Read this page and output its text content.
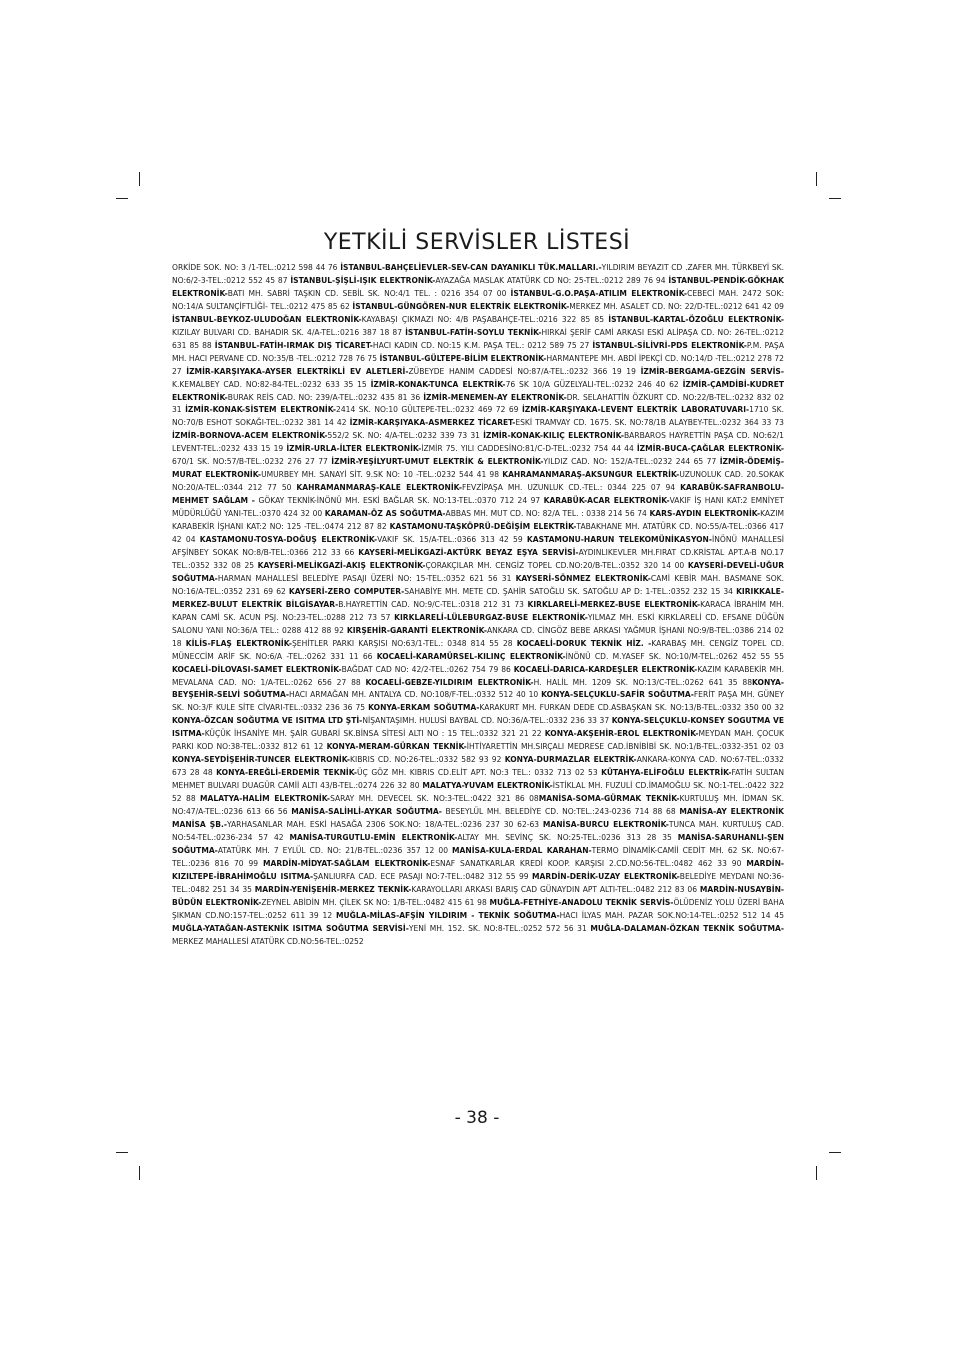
YETKİLİ SERVİSLER LİSTESİ
ORKİDE SOK. NO: 3 /1-TEL.:0212 598 44 76 İSTANBUL-BAHÇELİEVLER-SEV-CAN DAYANIKLI TÜK.MALLARI.-YILDIRIM BEYAZIT CD .ZAFER MH. TÜRKBEYİ SK. NO:6/2-3-TEL.:0212 552 45 87 İSTANBUL-ŞİŞLİ-IŞIK ELEKTRONİK-AYAZAĞA MASLAK ATATÜRK CD NO: 25-TEL.:0212 289 76 94 İSTANBUL-PENDİK-GÖKHAK ELEKTRONİK-BATI MH. SABRİ TAŞKIN CD. SEBİL SK. NO:4/1 TEL. : 0216 354 07 00 İSTANBUL-G.O.PAŞA-ATILIM ELEKTRONİK-CEBECİ MAH. 2472 SOK: NO:14/A SULTANÇİFTLİĞİ- TEL.:0212 475 85 62 İSTANBUL-GÜNGÖREN-NUR ELEKTRİK ELEKTRONİK-MERKEZ MH. ASALET CD. NO: 22/D-TEL.:0212 641 42 09 İSTANBUL-BEYKOZ-ULUDOĞAN ELEKTRONİK-KAYABAŞI ÇIKMAZI NO: 4/B PAŞABAHÇE-TEL.:0216 322 85 85 İSTANBUL-KARTAL-ÖZOĞLU ELEKTRONİK-KIZILAY BULVARI CD. BAHADIR SK. 4/A-TEL.:0216 387 18 87 İSTANBUL-FATİH-SOYLU TEKNİK-HIRKAİ ŞERİF CAMİ ARKASI ESKİ ALİPAŞA CD. NO: 26-TEL.:0212 631 85 88 İSTANBUL-FATİH-IRMAK DIŞ TİCARET-HACI KADIN CD. NO:15 K.M. PAŞA TEL.: 0212 589 75 27 İSTANBUL-SİLİVRİ-PDS ELEKTRONİK-P.M. PAŞA MH. HACI PERVANE CD. NO:35/B -TEL.:0212 728 76 75 İSTANBUL-GÜLTEPE-BİLİM ELEKTRONİK-HARMANTEPE MH. ABDİ İPEKÇİ CD. NO:14/D -TEL.:0212 278 72 27 İZMİR-KARŞIYAKA-AYSER ELEKTRİKLİ EV ALETLERİ-ZÜBEYDE HANIM CADDESİ NO:87/A-TEL.:0232 366 19 19 İZMİR-BERGAMA-GEZGİN SERVİS-K.KEMALBEY CAD. NO:82-84-TEL.:0232 633 35 15 İZMİR-KONAK-TUNCA ELEKTRİK-76 SK 10/A GÜZELYALI-TEL.:0232 246 40 62 İZMİR-ÇAMDİBİ-KUDRET ELEKTRONİK-BURAK REİS CAD. NO: 239/A-TEL.:0232 435 81 36 İZMİR-MENEMEN-AY ELEKTRONİK-DR. SELAHATTİN ÖZKURT CD. NO:22/B-TEL.:0232 832 02 31 İZMİR-KONAK-SİSTEM ELEKTRONİK-2414 SK. NO:10 GÜLTEPE-TEL.:0232 469 72 69 İZMİR-KARŞIYAKA-LEVENT ELEKTRİK LABORATUVARI-1710 SK. NO:70/B ESHOT SOKAĞI-TEL.:0232 381 14 42 İZMİR-KARŞIYAKA-ASMERKEZ TİCARET-ESKİ TRAMVAY CD. 1675. SK. NO:78/1B ALAYBEY-TEL.:0232 364 33 73 İZMİR-BORNOVA-ACEM ELEKTRONİK-552/2 SK. NO: 4/A-TEL.:0232 339 73 31 İZMİR-KONAK-KILIÇ ELEKTRONİK-BARBAROS HAYRETTİN PAŞA CD. NO:62/1 LEVENT-TEL.:0232 433 15 19 İZMİR-URLA-İLTER ELEKTRONİK-İZMİR 75. YILI CADDESİNO:81/C-D-TEL.:0232 754 44 44 İZMİR-BUCA-ÇAĞLAR ELEKTRONİK-670/1 SK. NO:57/B-TEL.:0232 276 27 77 İZMİR-YEŞİLYURT-UMUT ELEKTRİK & ELEKTRONİK-YILDIZ CAD. NO: 152/A-TEL.:0232 244 65 77 İZMİR-ÖDEMİŞ-MURAT ELEKTRONİK-UMURBEY MH. SANAYİ SİT. 9.SK NO: 10 -TEL.:0232 544 41 98 KAHRAMANMARAŞ-AKSUNGUR ELEKTRİK-UZUNOLUK CAD. 20.SOKAK NO:20/A-TEL.:0344 212 77 50 KAHRAMANMARAŞ-KALE ELEKTRONİK-FEVZİPAŞA MH. UZUNLUK CD.-TEL.: 0344 225 07 94 KARABÜK-SAFRANBOLU-MEHMET SAĞLAM - GÖKAY TEKNİK-İNÖNÜ MH. ESKİ BAĞLAR SK. NO:13-TEL.:0370 712 24 97 KARABÜK-ACAR ELEKTRONİK-VAKIF İŞ HANI KAT:2 EMNİYET MÜDÜRLÜĞÜ YANI-TEL.:0370 424 32 00 KARAMAN-ÖZ AS SOĞUTMA-ABBAS MH. MUT CD. NO: 82/A TEL. : 0338 214 56 74 KARS-AYDIN ELEKTRONİK-KAZIM KARABEKİR İŞHANI KAT:2 NO: 125 -TEL.:0474 212 87 82 KASTAMONU-TAŞKÖPRÜ-DEĞİŞİM ELEKTRİK-TABAKHANE MH. ATATÜRK CD. NO:55/A-TEL.:0366 417 42 04 KASTAMONU-TOSYA-DOĞUŞ ELEKTRONİK-VAKIF SK. 15/A-TEL.:0366 313 42 59 KASTAMONU-HARUN TELEKOMÜNİKASYON-İNÖNÜ MAHALLESİ AFŞİNBEY SOKAK NO:8/B-TEL.:0366 212 33 66 KAYSERİ-MELİKGAZİ-AKTÜRK BEYAZ EŞYA SERVİSİ-AYDINLIKEVLER MH.FIRAT CD.KRİSTAL APT.A-B NO.17 TEL.:0352 332 08 25 KAYSERİ-MELİKGAZİ-AKIŞ ELEKTRONİK-ÇORAKÇILAR MH. CENGİZ TOPEL CD.NO:20/B-TEL.:0352 320 14 00 KAYSERİ-DEVELİ-UĞUR SOĞUTMA-HARMAN MAHALLESİ BELEDİYE PASAJI ÜZERİ NO: 15-TEL.:0352 621 56 31 KAYSERİ-SÖNMEZ ELEKTRONİK-CAMİ KEBİR MAH. BASMANE SOK. NO:16/A-TEL.:0352 231 69 62 KAYSERİ-ZERO COMPUTER-SAHABİYE MH. METE CD. ŞAHİR SATOĞLU SK. SATOĞLU AP D: 1-TEL.:0352 232 15 34 KIRIKKALE-MERKEZ-BULUT ELEKTRİK BİLGİSAYAR-B.HAYRETTİN CAD. NO:9/C-TEL.:0318 212 31 73 KIRKLARELİ-MERKEZ-BUSE ELEKTRONİK-KARACA İBRAHİM MH. KAPAN CAMİ SK. ACUN PSJ. NO:23-TEL.:0288 212 73 57 KIRKLARELİ-LÜLEBURGAZ-BUSE ELEKTRONİK-YILMAZ MH. ESKİ KIRKLARELİ CD. EFSANE DÜĞÜN SALONU YANI NO:36/A TEL.: 0288 412 88 92 KIRŞEHİR-GARANTİ ELEKTRONİK-ANKARA CD. CİNGÖZ BEBE ARKASI YAĞMUR İŞHANI NO:9/B-TEL.:0386 214 02 18 KİLİS-FLAŞ ELEKTRONİK-ŞEHİTLER PARKI KARŞISI NO:63/1-TEL.: 0348 814 55 28 KOCAELİ-DORUK TEKNİK HİZ. -KARABAŞ MH. CENGİZ TOPEL CD. MÜNECCİM ARİF SK. NO:6/A -TEL.:0262 331 11 66 KOCAELİ-KARAMÜRSEL-KILINÇ ELEKTRONİK-İNÖNÜ CD. M.YASEF SK. NO:10/M-TEL.:0262 452 55 55 KOCAELİ-DİLOVASI-SAMET ELEKTRONİK-BAĞDAT CAD NO: 42/2-TEL.:0262 754 79 86 KOCAELİ-DARICA-KARDEŞLER ELEKTRONİK-KAZIM KARABEKİR MH. MEVALANA CAD. NO: 1/A-TEL.:0262 656 27 88 KOCAELİ-GEBZE-YILDIRIM ELEKTRONİK-H. HALİL MH. 1209 SK. NO:13/C-TEL.:0262 641 35 88KONYA-BEYŞEHİR-SELVİ SOĞUTMA-HACI ARMAĞAN MH. ANTALYA CD. NO:108/F-TEL.:0332 512 40 10 KONYA-SELÇUKLU-SAFİR SOĞUTMA-FERİT PAŞA MH. GÜNEY SK. NO:3/F KULE SİTE CİVARI-TEL.:0332 236 36 75 KONYA-ERKAM SOĞUTMA-KARAKURT MH. FURKAN DEDE CD.ASBAŞKAN SK. NO:13/B-TEL.:0332 350 00 32 KONYA-ÖZCAN SOĞUTMA VE ISITMA LTD ŞTİ-NİŞANTAŞIMH. HULUSİ BAYBAL CD. NO:36/A-TEL.:0332 236 33 37 KONYA-SELÇUKLU-KONSEY SOGUTMA VE ISITMA-KÜÇÜK İHSANİYE MH. ŞAİR GUBARİ SK.BİNSA SİTESİ ALTI NO : 15 TEL.:0332 321 21 22 KONYA-AKŞEHİR-EROL ELEKTRONİK-MEYDAN MAH. ÇOCUK PARKI KOD NO:38-TEL.:0332 812 61 12 KONYA-MERAM-GÜRKAN TEKNİK-İHTİYARETTİN MH.SIRÇALI MEDRESE CAD.İBNİBİBİ SK. NO:1/B-TEL.:0332-351 02 03 KONYA-SEYDİŞEHİR-TUNCER ELEKTRONİK-KIBRIS CD. NO:26-TEL.:0332 582 93 92 KONYA-DURMAZLAR ELEKTRİK-ANKARA-KONYA CAD. NO:67-TEL.:0332 673 28 48 KONYA-EREĞLİ-ERDEMİR TEKNİK-ÜÇ GÖZ MH. KIBRIS CD.ELİT APT. NO:3 TEL.: 0332 713 02 53 KÜTAHYA-ELİFOĞLU ELEKTRİK-FATİH SULTAN MEHMET BULVARI DUAGÜR CAMİİ ALTI 43/B-TEL.:0274 226 32 80 MALATYA-YUVAM ELEKTRONİK-İSTİKLAL MH. FUZULİ CD.İMAMOĞLU SK. NO:1-TEL.:0422 322 52 88 MALATYA-HALİM ELEKTRONİK-SARAY MH. DEVECEL SK. NO:3-TEL.:0422 321 86 08MANİSA-SOMA-GÜRMAK TEKNİK-KURTULUŞ MH. İDMAN SK. NO:47/A-TEL.:0236 613 66 56 MANİSA-SALİHLİ-AYKAR SOĞUTMA- BESEYLÜL MH. BELEDİYE CD. NO:TEL.:243-0236 714 88 68 MANİSA-AY ELEKTRONİK MANİSA ŞB.-YARHASANLAR MAH. ESKİ HASAĞA 2306 SOK.NO: 18/A-TEL.:0236 237 30 62-63 MANİSA-BURCU ELEKTRONİK-TUNCA MAH. KURTULUŞ CAD. NO:54-TEL.:0236-234 57 42 MANİSA-TURGUTLU-EMİN ELEKTRONİK-ALTAY MH. SEVİNÇ SK. NO:25-TEL.:0236 313 28 35 MANİSA-SARUHANLI-ŞEN SOĞUTMA-ATATÜRK MH. 7 EYLÜL CD. NO: 21/B-TEL.:0236 357 12 00 MANİSA-KULA-ERDAL KARAHAN-TERMO DİNAMİK-CAMİİ CEDİT MH. 62 SK. NO:67-TEL.:0236 816 70 99 MARDİN-MİDYAT-SAĞLAM ELEKTRONİK-ESNAF SANATKARLAR KREDİ KOOP. KARŞISI 2.CD.NO:56-TEL.:0482 462 33 90 MARDİN-KIZILTEPE-İBRAHİMOĞLU ISITMA-ŞANLIURFA CAD. ECE PASAJI NO:7-TEL.:0482 312 55 99 MARDİN-DERİK-UZAY ELEKTRONİK-BELEDİYE MEYDANI NO:36-TEL.:0482 251 34 35 MARDİN-YENİŞEHİR-MERKEZ TEKNİK-KARAYOLLARI ARKASI BARIŞ CAD GÜNAYDIN APT ALTI-TEL.:0482 212 83 06 MARDİN-NUSAYBİN-BÜDÜN ELEKTRONİK-ZEYNEL ABİDİN MH. ÇİLEK SK NO: 1/B-TEL.:0482 415 61 98 MUĞLA-FETHİYE-ANADOLU TEKNİK SERVİS-ÖLÜDENİZ YOLU ÜZERİ BAHA ŞIKMAN CD.NO:157-TEL.:0252 611 39 12 MUĞLA-MİLAS-AFŞİN YILDIRIM - TEKNİK SOĞUTMA-HACI İLYAS MAH. PAZAR SOK.NO:14-TEL.:0252 512 14 45 MUĞLA-YATAĞAN-ASTEKNİK ISITMA SOĞUTMA SERVİSİ-YENİ MH. 152. SK. NO:8-TEL.:0252 572 56 31 MUĞLA-DALAMAN-ÖZKAN TEKNİK SOĞUTMA-MERKEZ MAHALLESİ ATATÜRK CD.NO:56-TEL.:0252
- 38 -
